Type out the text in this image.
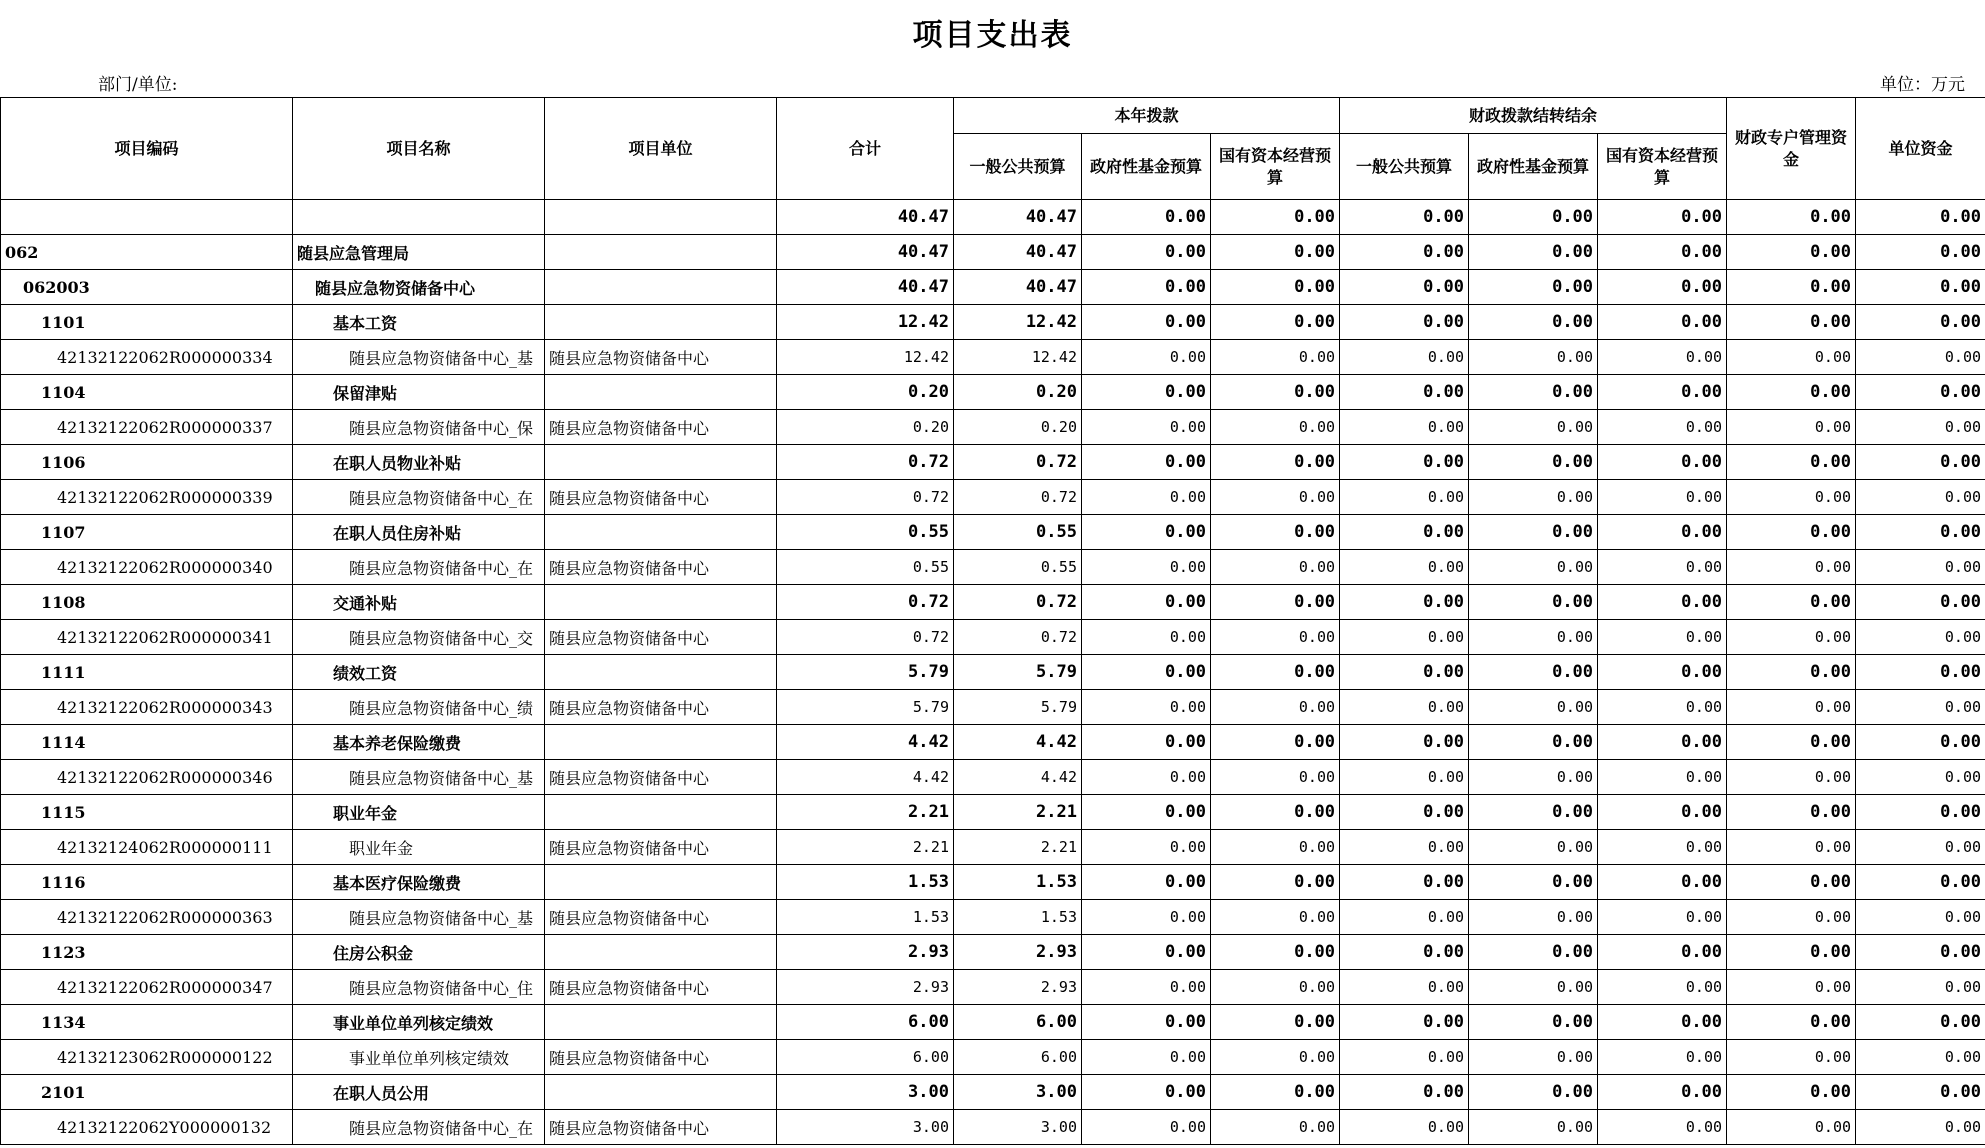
项目支出表
部门/单位:	单位：万元
项目编码	项目名称	项目单位	合计	本年拨款			财政拨款结转结余			财政专户管理资金	单位资金
				一般公共预算	政府性基金预算	国有资本经营预算	一般公共预算	政府性基金预算	国有资本经营预算		
			40.47	40.47	0.00	0.00	0.00	0.00	0.00	0.00	0.00
062	随县应急管理局		40.47	40.47	0.00	0.00	0.00	0.00	0.00	0.00	0.00
062003	随县应急物资储备中心		40.47	40.47	0.00	0.00	0.00	0.00	0.00	0.00	0.00
1101	基本工资		12.42	12.42	0.00	0.00	0.00	0.00	0.00	0.00	0.00
42132122062R000000334	随县应急物资储备中心_基	随县应急物资储备中心	12.42	12.42	0.00	0.00	0.00	0.00	0.00	0.00	0.00
1104	保留津贴		0.20	0.20	0.00	0.00	0.00	0.00	0.00	0.00	0.00
42132122062R000000337	随县应急物资储备中心_保	随县应急物资储备中心	0.20	0.20	0.00	0.00	0.00	0.00	0.00	0.00	0.00
1106	在职人员物业补贴		0.72	0.72	0.00	0.00	0.00	0.00	0.00	0.00	0.00
42132122062R000000339	随县应急物资储备中心_在	随县应急物资储备中心	0.72	0.72	0.00	0.00	0.00	0.00	0.00	0.00	0.00
1107	在职人员住房补贴		0.55	0.55	0.00	0.00	0.00	0.00	0.00	0.00	0.00
42132122062R000000340	随县应急物资储备中心_在	随县应急物资储备中心	0.55	0.55	0.00	0.00	0.00	0.00	0.00	0.00	0.00
1108	交通补贴		0.72	0.72	0.00	0.00	0.00	0.00	0.00	0.00	0.00
42132122062R000000341	随县应急物资储备中心_交	随县应急物资储备中心	0.72	0.72	0.00	0.00	0.00	0.00	0.00	0.00	0.00
1111	绩效工资		5.79	5.79	0.00	0.00	0.00	0.00	0.00	0.00	0.00
42132122062R000000343	随县应急物资储备中心_绩	随县应急物资储备中心	5.79	5.79	0.00	0.00	0.00	0.00	0.00	0.00	0.00
1114	基本养老保险缴费		4.42	4.42	0.00	0.00	0.00	0.00	0.00	0.00	0.00
42132122062R000000346	随县应急物资储备中心_基	随县应急物资储备中心	4.42	4.42	0.00	0.00	0.00	0.00	0.00	0.00	0.00
1115	职业年金		2.21	2.21	0.00	0.00	0.00	0.00	0.00	0.00	0.00
42132124062R000000111	职业年金	随县应急物资储备中心	2.21	2.21	0.00	0.00	0.00	0.00	0.00	0.00	0.00
1116	基本医疗保险缴费		1.53	1.53	0.00	0.00	0.00	0.00	0.00	0.00	0.00
42132122062R000000363	随县应急物资储备中心_基	随县应急物资储备中心	1.53	1.53	0.00	0.00	0.00	0.00	0.00	0.00	0.00
1123	住房公积金		2.93	2.93	0.00	0.00	0.00	0.00	0.00	0.00	0.00
42132122062R000000347	随县应急物资储备中心_住	随县应急物资储备中心	2.93	2.93	0.00	0.00	0.00	0.00	0.00	0.00	0.00
1134	事业单位单列核定绩效		6.00	6.00	0.00	0.00	0.00	0.00	0.00	0.00	0.00
42132123062R000000122	事业单位单列核定绩效	随县应急物资储备中心	6.00	6.00	0.00	0.00	0.00	0.00	0.00	0.00	0.00
2101	在职人员公用		3.00	3.00	0.00	0.00	0.00	0.00	0.00	0.00	0.00
42132122062Y000000132	随县应急物资储备中心_在	随县应急物资储备中心	3.00	3.00	0.00	0.00	0.00	0.00	0.00	0.00	0.00
